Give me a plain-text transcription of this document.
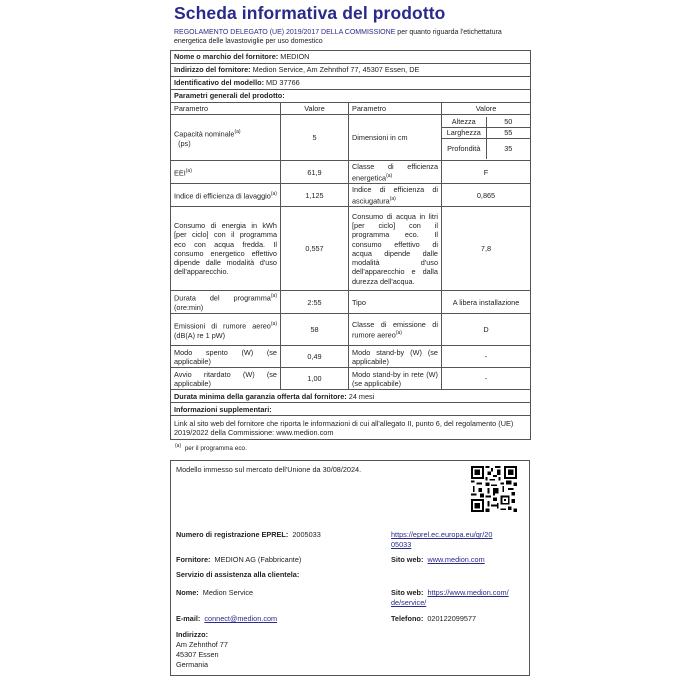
Scheda informativa del prodotto
REGOLAMENTO DELEGATO (UE) 2019/2017 DELLA COMMISSIONE per quanto riguarda l'etichettatura energetica delle lavastoviglie per uso domestico
Nome o marchio del fornitore: MEDION
Indirizzo del fornitore: Medion Service, Am Zehnthof 77, 45307 Essen, DE
Identificativo del modello: MD 37766
Parametri generali del prodotto:
Parametro	Valore	Parametro	Valore
Capacità nominale$^{(a)}$
(ps)	5	Dimensioni in cm	
Altezza	50
Larghezza	55
Profondità	35

EEI$^{(a)}$	61,9	Classe di efficienza energetica$^{(a)}$	F
Indice di efficienza di lavaggio$^{(a)}$	1,125	Indice di efficienza di asciugatura$^{(a)}$	0,865
Consumo di energia in kWh [per ciclo] con il programma eco con acqua fredda. Il consumo energetico effettivo dipende dalle modalità d'uso dell'apparecchio.	0,557	Consumo di acqua in litri [per ciclo] con il programma eco. Il consumo effettivo di acqua dipende dalle modalità d'uso dell'apparecchio e dalla durezza dell'acqua.	7,8
Durata del programma$^{(a)}$ (ore:min)	2:55	Tipo	A libera installazione
Emissioni di rumore aereo$^{(a)}$ (dB(A) re 1 pW)	58	Classe di emissione di rumore aereo$^{(a)}$	D
Modo spento (W) (se applicabile)	0,49	Modo stand-by (W) (se applicabile)	-
Avvio ritardato (W) (se applicabile)	1,00	Modo stand-by in rete (W) (se applicabile)	-
Durata minima della garanzia offerta dal fornitore: 24 mesi
Informazioni supplementari:
Link al sito web del fornitore che riporta le informazioni di cui all'allegato II, punto 6, del regolamento (UE) 2019/2022 della Commissione: www.medion.com
$^{(a)}$ per il programma eco.
Modello immesso sul mercato dell'Unione da 30/08/2024.
Numero di registrazione EPREL: 2005033	https://eprel.ec.europa.eu/qr/20
05033
Fornitore: MEDION AG (Fabbricante)	Sito web: www.medion.com
Servizio di assistenza alla clientela:
Nome: Medion Service	Sito web: https://www.medion.com/
de/service/
E-mail: connect@medion.com	Telefono: 020122099577
Indirizzo:
Am Zehnthof 77
45307 Essen
Germania
